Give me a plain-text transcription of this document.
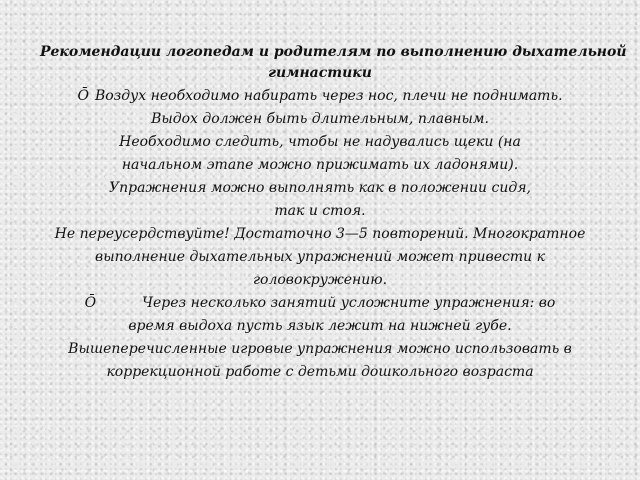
Рекомендации логопедам и родителям по выполнению дыхательной
гимнастики
Ō Воздух необходимо набирать через нос, плечи не поднимать.
Выдох должен быть длительным, плавным.
Необходимо следить, чтобы не надувались щеки (на
начальном этапе можно прижимать их ладонями).
Упражнения можно выполнять как в положении сидя,
так и стоя.
Не переусердствуйте! Достаточно 3—5 повторений. Многократное
выполнение дыхательных упражнений может привести к
головокружению.
Ō	Через несколько занятий усложните упражнения: во
время выдоха пусть язык лежит на нижней губе.
Вышеперечисленные игровые упражнения можно использовать в
коррекционной работе с детьми дошкольного возраста
